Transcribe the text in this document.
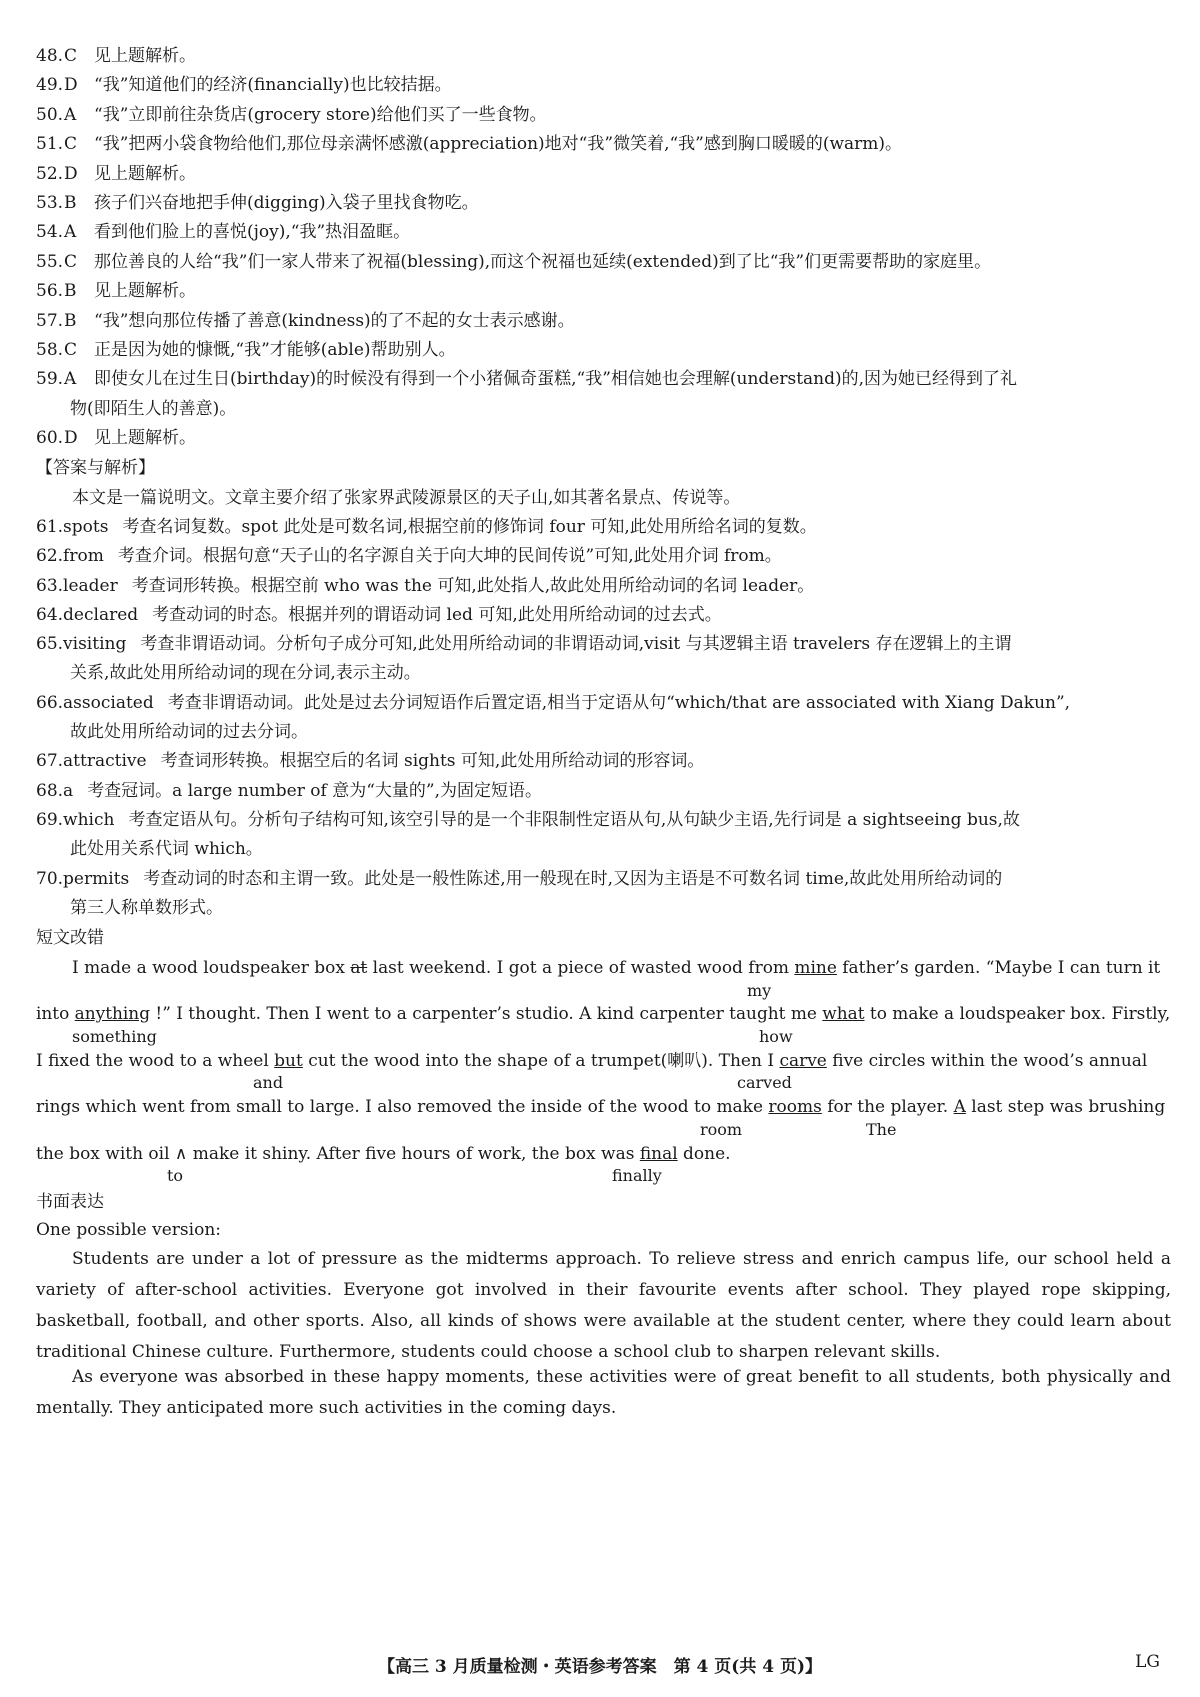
48.C 见上题解析。
49.D “我”知道他们的经济(financially)也比较拮据。
50.A “我”立即前往杂货店(grocery store)给他们买了一些食物。
51.C “我”把两小袋食物给他们,那位母亲满怀感激(appreciation)地对“我”微笑着,“我”感到胸口暖暖的(warm)。
52.D 见上题解析。
53.B 孩子们兴奋地把手伸(digging)入袋子里找食物吃。
54.A 看到他们脸上的喜悦(joy),“我”热泪盈眶。
55.C 那位善良的人给“我”们一家人带来了祝福(blessing),而这个祝福也延续(extended)到了比“我”们更需要帮助的家庭里。
56.B 见上题解析。
57.B “我”想向那位传播了善意(kindness)的了不起的女士表示感谢。
58.C 正是因为她的慷慨,“我”才能够(able)帮助别人。
59.A 即使女儿在过生日(birthday)的时候没有得到一个小猪佩奇蛋糕,“我”相信她也会理解(understand)的,因为她已经得到了礼
物(即陌生人的善意)。
60.D 见上题解析。
【答案与解析】
本文是一篇说明文。文章主要介绍了张家界武陵源景区的天子山,如其著名景点、传说等。
61.spots 考查名词复数。spot 此处是可数名词,根据空前的修饰词 four 可知,此处用所给名词的复数。
62.from 考查介词。根据句意“天子山的名字源自关于向大坤的民间传说”可知,此处用介词 from。
63.leader 考查词形转换。根据空前 who was the 可知,此处指人,故此处用所给动词的名词 leader。
64.declared 考查动词的时态。根据并列的谓语动词 led 可知,此处用所给动词的过去式。
65.visiting 考查非谓语动词。分析句子成分可知,此处用所给动词的非谓语动词,visit 与其逻辑主语 travelers 存在逻辑上的主谓
关系,故此处用所给动词的现在分词,表示主动。
66.associated 考查非谓语动词。此处是过去分词短语作后置定语,相当于定语从句“which/that are associated with Xiang Dakun”,
故此处用所给动词的过去分词。
67.attractive 考查词形转换。根据空后的名词 sights 可知,此处用所给动词的形容词。
68.a 考查冠词。a large number of 意为“大量的”,为固定短语。
69.which 考查定语从句。分析句子结构可知,该空引导的是一个非限制性定语从句,从句缺少主语,先行词是 a sightseeing bus,故
此处用关系代词 which。
70.permits 考查动词的时态和主谓一致。此处是一般性陈述,用一般现在时,又因为主语是不可数名词 time,故此处用所给动词的
第三人称单数形式。
短文改错
I made a wood loudspeaker box at last weekend. I got a piece of wasted wood from mine father’s garden. “Maybe I can turn it
my
into anything !” I thought. Then I went to a carpenter’s studio. A kind carpenter taught me what to make a loudspeaker box. Firstly,
something	how
I fixed the wood to a wheel but cut the wood into the shape of a trumpet(喇叭). Then I carve five circles within the wood’s annual
and	carved
rings which went from small to large. I also removed the inside of the wood to make rooms for the player. A last step was brushing
room	The
the box with oil ∧ make it shiny. After five hours of work, the box was final done.
to	finally
书面表达
One possible version:
Students are under a lot of pressure as the midterms approach. To relieve stress and enrich campus life, our school held a variety of after-school activities. Everyone got involved in their favourite events after school. They played rope skipping, basketball, football, and other sports. Also, all kinds of shows were available at the student center, where they could learn about traditional Chinese culture. Furthermore, students could choose a school club to sharpen relevant skills.
As everyone was absorbed in these happy moments, these activities were of great benefit to all students, both physically and mentally. They anticipated more such activities in the coming days.
【高三 3 月质量检测・英语参考答案　第 4 页(共 4 页)】	LG
